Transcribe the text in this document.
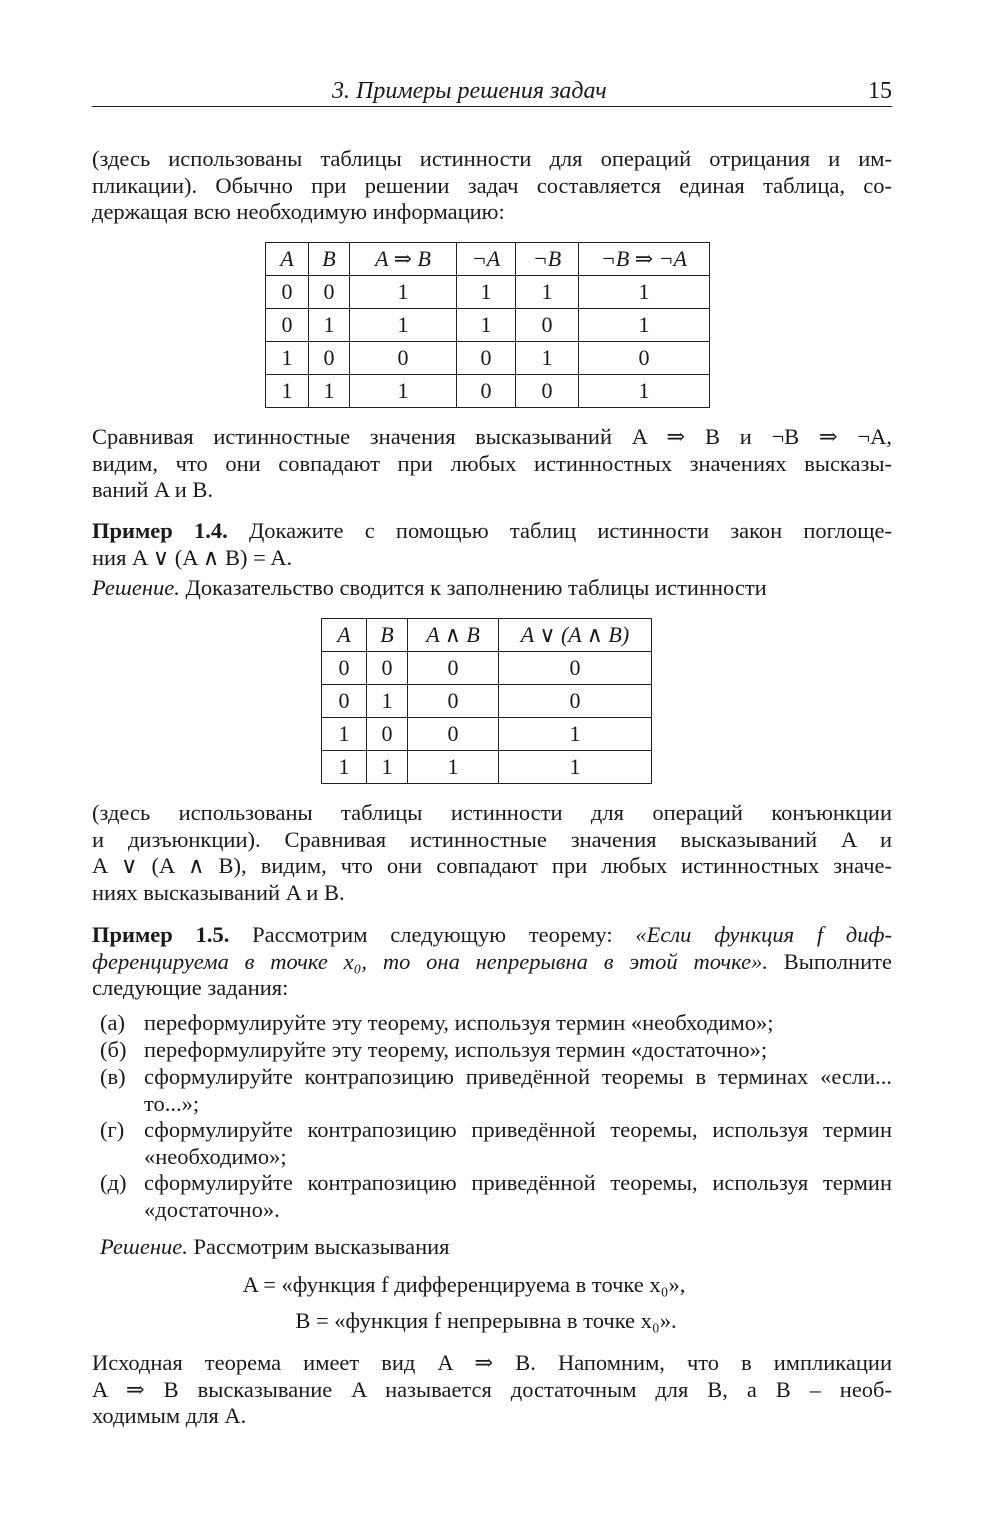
3. Примеры решения задач	15
(здесь использованы таблицы истинности для операций отрицания и им-
пликации). Обычно при решении задач составляется единая таблица, со-
держащая всю необходимую информацию:
A	B	A ⇒ B	¬A	¬B	¬B ⇒ ¬A
0	0	1	1	1	1
0	1	1	1	0	1
1	0	0	0	1	0
1	1	1	0	0	1
Сравнивая истинностные значения высказываний A ⇒ B и ¬B ⇒ ¬A,
видим, что они совпадают при любых истинностных значениях высказы-
ваний A и B.
Пример 1.4. Докажите с помощью таблиц истинности закон поглоще-
ния A ∨ (A ∧ B) = A.
Решение. Доказательство сводится к заполнению таблицы истинности
A	B	A ∧ B	A ∨ (A ∧ B)
0	0	0	0
0	1	0	0
1	0	0	1
1	1	1	1
(здесь использованы таблицы истинности для операций конъюнкции
и дизъюнкции). Сравнивая истинностные значения высказываний A и
A ∨ (A ∧ B), видим, что они совпадают при любых истинностных значе-
ниях высказываний A и B.
Пример 1.5. Рассмотрим следующую теорему: «Если функция f диф-
ференцируема в точке x₀, то она непрерывна в этой точке». Выполните
следующие задания:
(а) переформулируйте эту теорему, используя термин «необходимо»;
(б) переформулируйте эту теорему, используя термин «достаточно»;
(в) сформулируйте контрапозицию приведённой теоремы в терминах «если... то...»;
(г) сформулируйте контрапозицию приведённой теоремы, используя термин «необходимо»;
(д) сформулируйте контрапозицию приведённой теоремы, используя термин «достаточно».
Решение. Рассмотрим высказывания
A = «функция f дифференцируема в точке x₀»,
B = «функция f непрерывна в точке x₀».
Исходная теорема имеет вид A ⇒ B. Напомним, что в импликации
A ⇒ B высказывание A называется достаточным для B, а B – необ-
ходимым для A.
